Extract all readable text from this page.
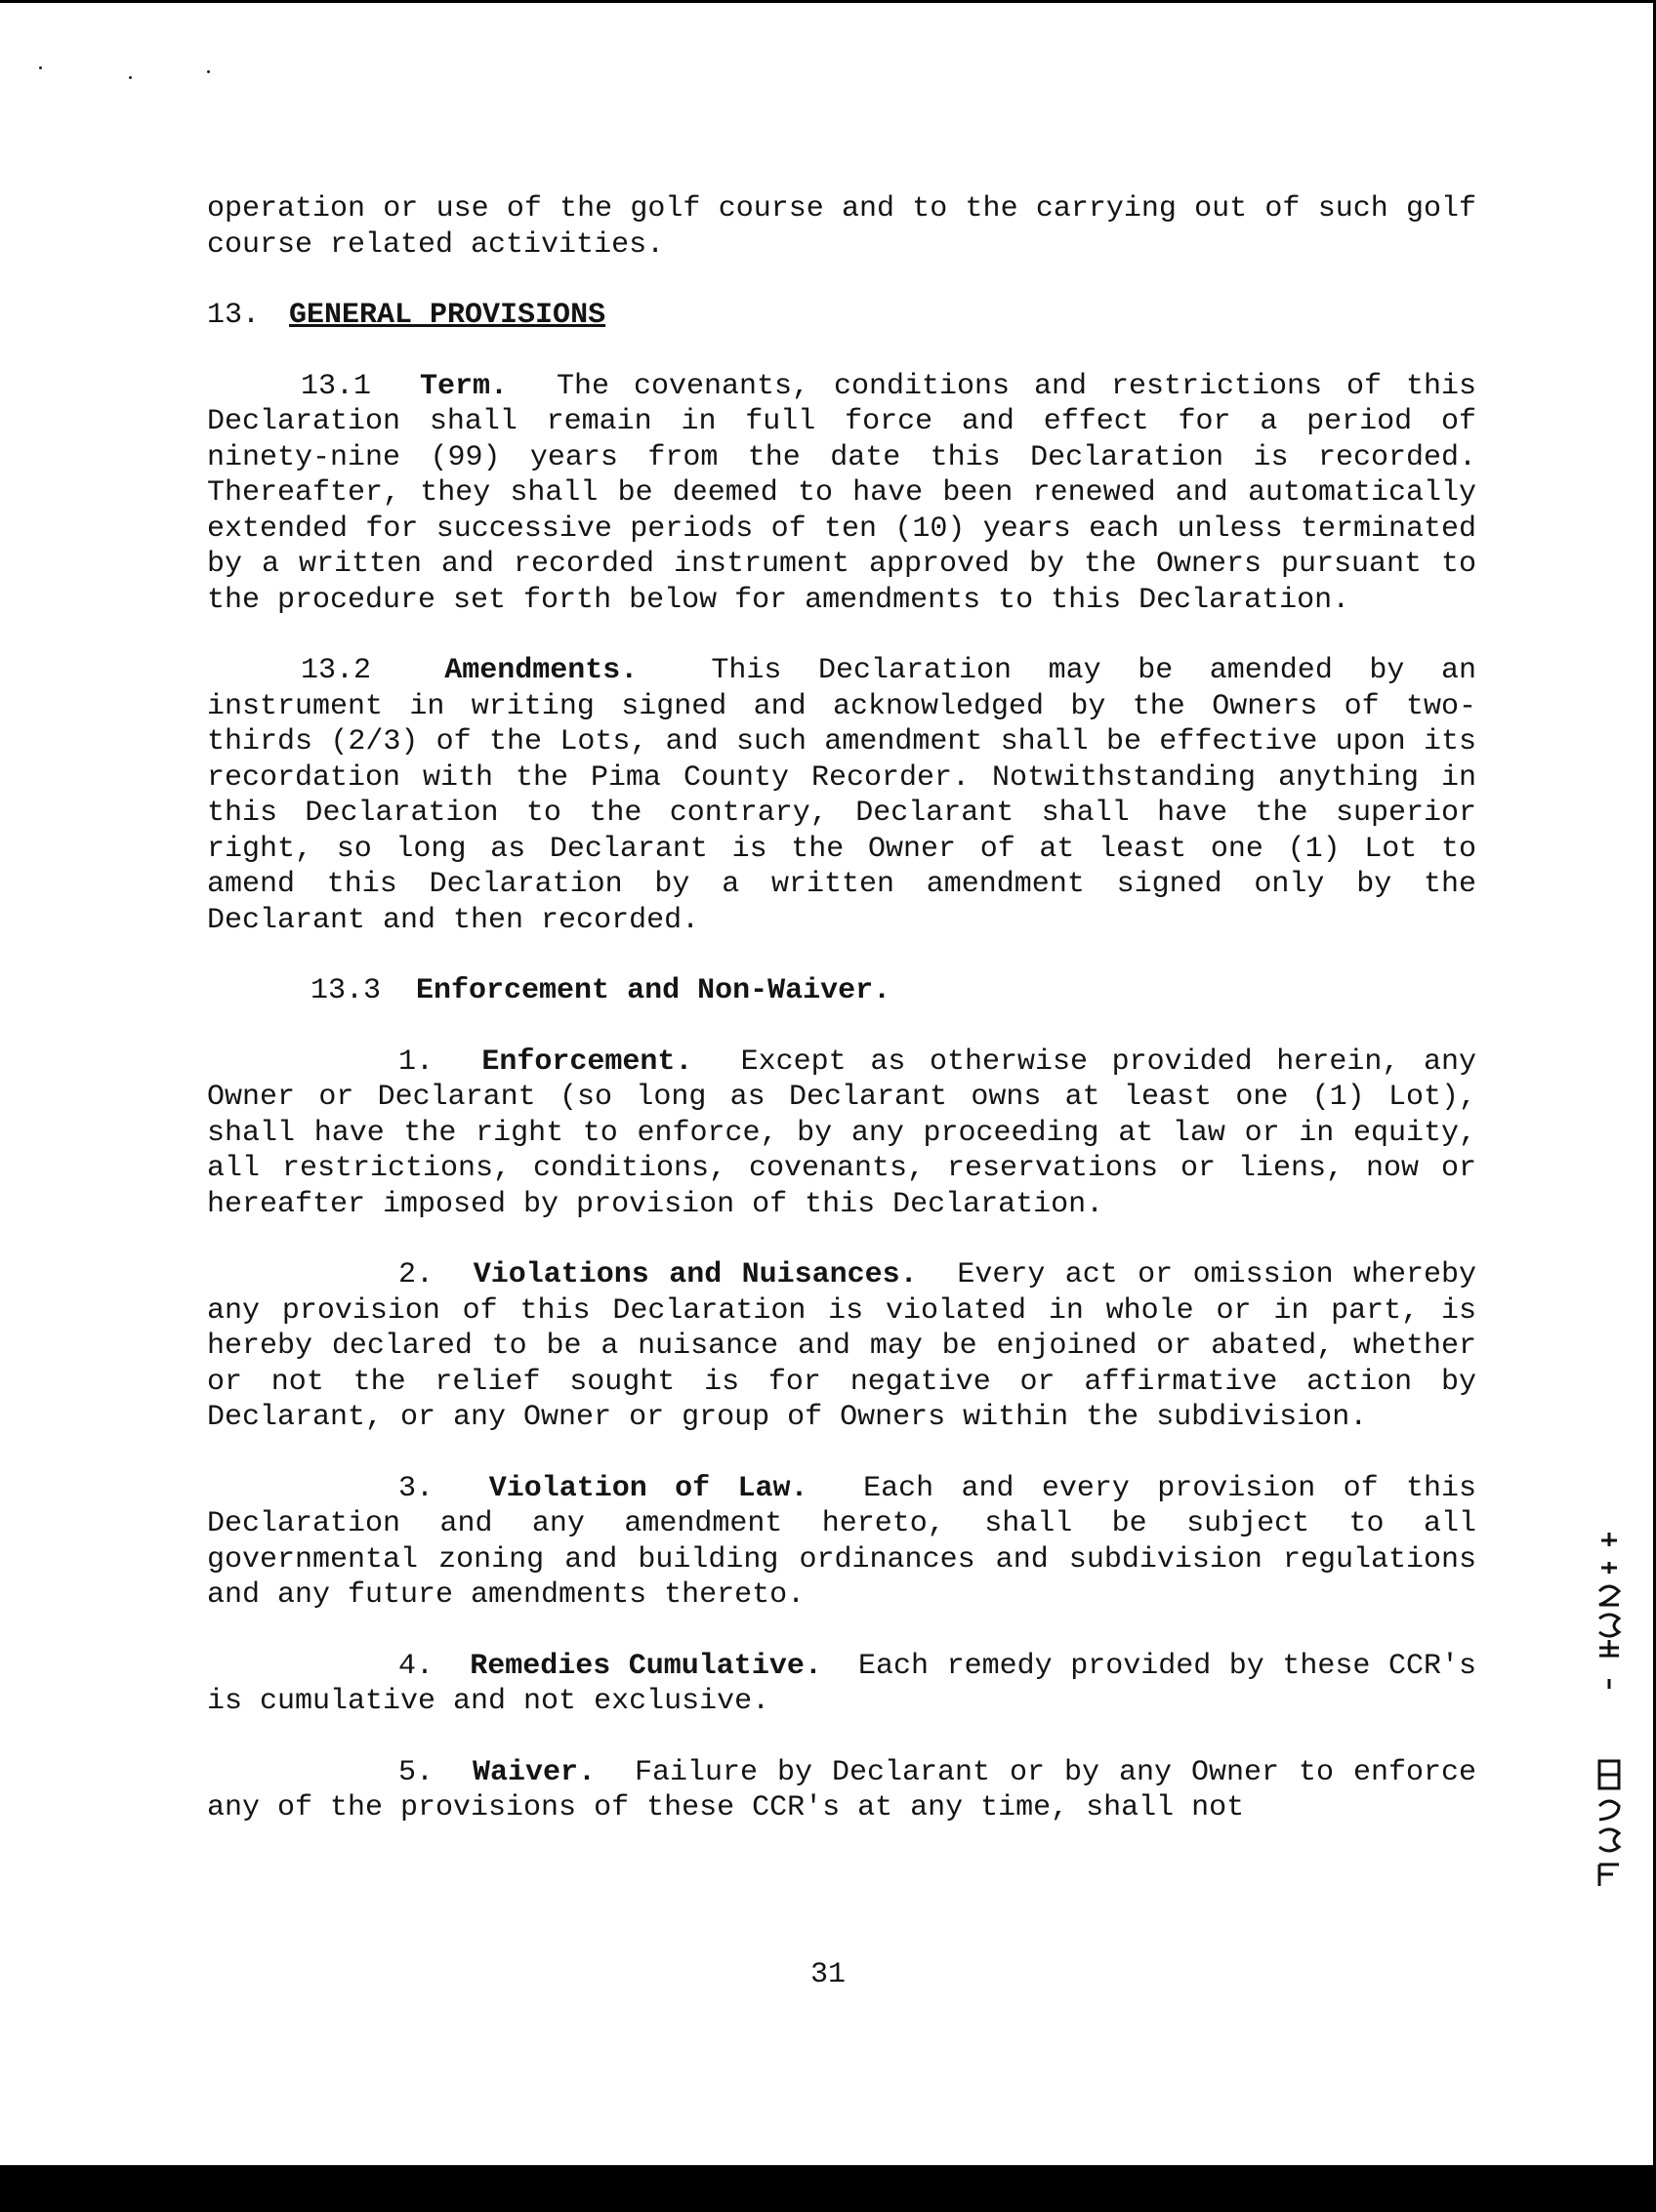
operation or use of the golf course and to the carrying out of such golf course related activities.

13. GENERAL PROVISIONS

13.1 Term. The covenants, conditions and restrictions of this Declaration shall remain in full force and effect for a period of ninety-nine (99) years from the date this Declaration is recorded. Thereafter, they shall be deemed to have been renewed and automatically extended for successive periods of ten (10) years each unless terminated by a written and recorded instrument approved by the Owners pursuant to the procedure set forth below for amendments to this Declaration.

13.2	Amendments.	This Declaration may be amended by an instrument in writing signed and acknowledged by the Owners of two-thirds (2/3) of the Lots, and such amendment shall be effective upon its recordation with the Pima County Recorder. Notwithstanding anything in this Declaration to the contrary, Declarant shall have the superior right, so long as Declarant is the Owner of at least one (1) Lot to amend this Declaration by a written amendment signed only by the Declarant and then recorded.

13.3 Enforcement and Non-Waiver.

1. Enforcement. Except as otherwise provided herein, any Owner or Declarant (so long as Declarant owns at least one (1) Lot), shall have the right to enforce, by any proceeding at law or in equity, all restrictions, conditions, covenants, reservations or liens, now or hereafter imposed by provision of this Declaration.

2. Violations and Nuisances. Every act or omission whereby any provision of this Declaration is violated in whole or in part, is hereby declared to be a nuisance and may be enjoined or abated, whether or not the relief sought is for negative or affirmative action by Declarant, or any Owner or group of Owners within the subdivision.

3. Violation of Law. Each and every provision of this Declaration and any amendment hereto, shall be subject to all governmental zoning and building ordinances and subdivision regulations and any future amendments thereto.

4. Remedies Cumulative. Each remedy provided by these CCR's is cumulative and not exclusive.

5. Waiver. Failure by Declarant or by any Owner to enforce any of the provisions of these CCR's at any time, shall not

31
